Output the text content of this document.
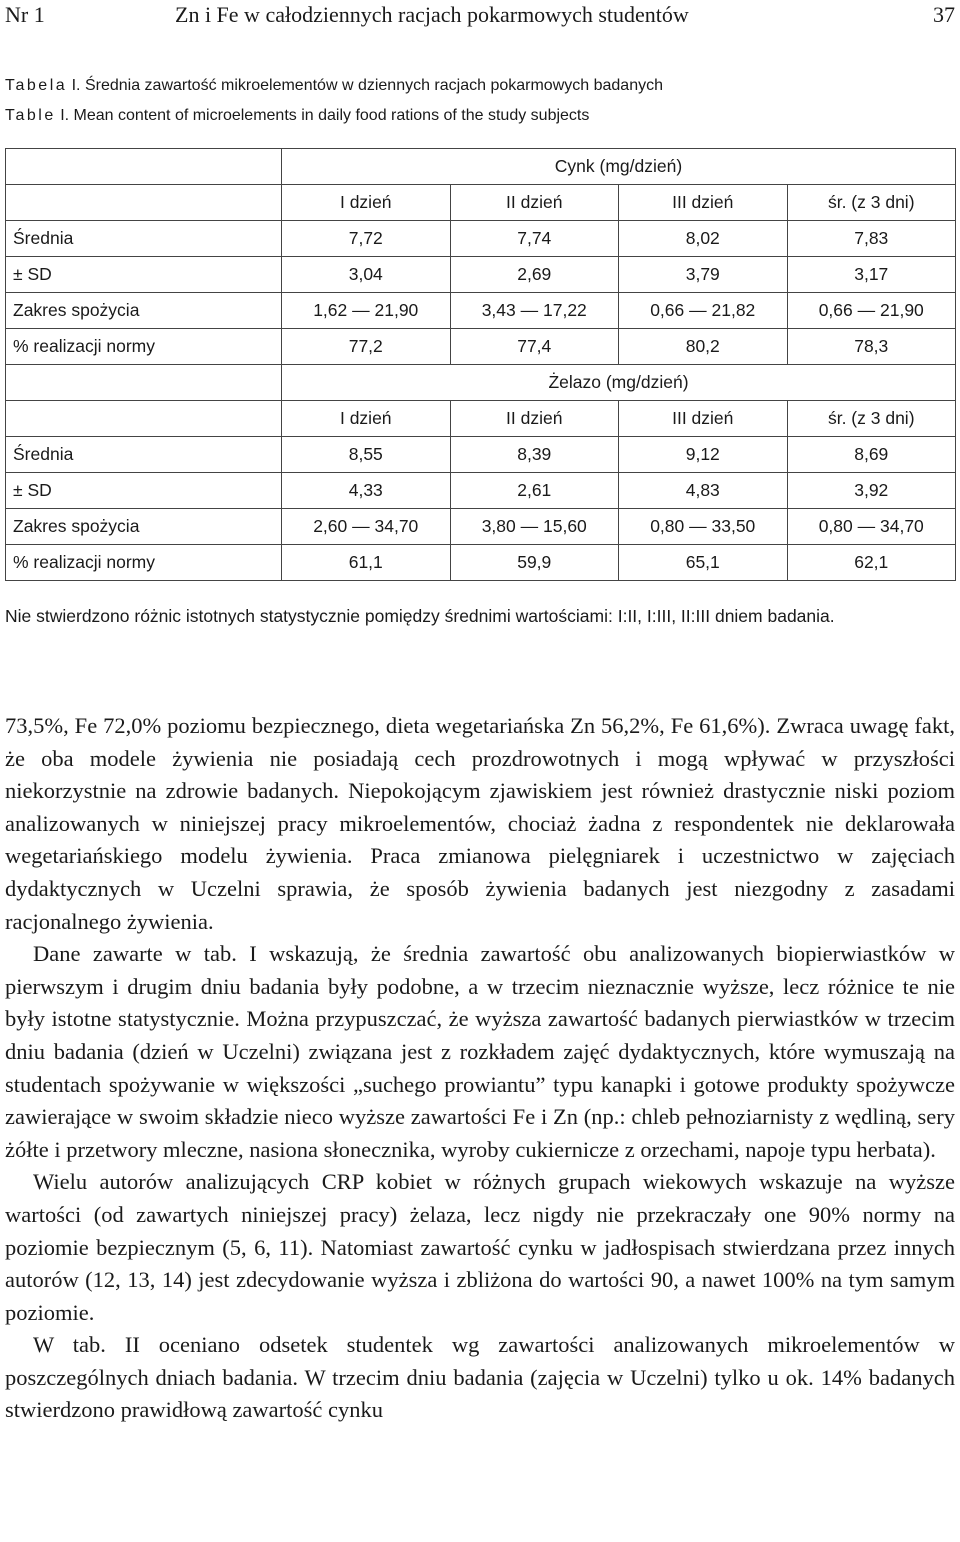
Nr 1	Zn i Fe w całodziennych racjach pokarmowych studentów	37
Tabela I. Średnia zawartość mikroelementów w dziennych racjach pokarmowych badanych
Table I. Mean content of microelements in daily food rations of the study subjects
	Cynk (mg/dzień)			
	I dzień	II dzień	III dzień	śr. (z 3 dni)
Średnia	7,72	7,74	8,02	7,83
± SD	3,04	2,69	3,79	3,17
Zakres spożycia	1,62 — 21,90	3,43 — 17,22	0,66 — 21,82	0,66 — 21,90
% realizacji normy	77,2	77,4	80,2	78,3
	Żelazo (mg/dzień)			
	I dzień	II dzień	III dzień	śr. (z 3 dni)
Średnia	8,55	8,39	9,12	8,69
± SD	4,33	2,61	4,83	3,92
Zakres spożycia	2,60 — 34,70	3,80 — 15,60	0,80 — 33,50	0,80 — 34,70
% realizacji normy	61,1	59,9	65,1	62,1
Nie stwierdzono różnic istotnych statystycznie pomiędzy średnimi wartościami: I:II, I:III, II:III dniem badania.

73,5%, Fe 72,0% poziomu bezpiecznego, dieta wegetariańska Zn 56,2%, Fe 61,6%). Zwraca uwagę fakt, że oba modele żywienia nie posiadają cech prozdrowotnych i mogą wpływać w przyszłości niekorzystnie na zdrowie badanych. Niepokojącym zjawiskiem jest również drastycznie niski poziom analizowanych w niniejszej pracy mikroelementów, chociaż żadna z respondentek nie deklarowała wegetariańskiego modelu żywienia. Praca zmianowa pielęgniarek i uczestnictwo w zajęciach dydaktycznych w Uczelni sprawia, że sposób żywienia badanych jest niezgodny z zasadami racjonalnego żywienia.

Dane zawarte w tab. I wskazują, że średnia zawartość obu analizowanych biopierwiastków w pierwszym i drugim dniu badania były podobne, a w trzecim nieznacznie wyższe, lecz różnice te nie były istotne statystycznie. Można przypuszczać, że wyższa zawartość badanych pierwiastków w trzecim dniu badania (dzień w Uczelni) związana jest z rozkładem zajęć dydaktycznych, które wymuszają na studentach spożywanie w większości „suchego prowiantu” typu kanapki i gotowe produkty spożywcze zawierające w swoim składzie nieco wyższe zawartości Fe i Zn (np.: chleb pełnoziarnisty z wędliną, sery żółte i przetwory mleczne, nasiona słonecznika, wyroby cukiernicze z orzechami, napoje typu herbata).

Wielu autorów analizujących CRP kobiet w różnych grupach wiekowych wskazuje na wyższe wartości (od zawartych niniejszej pracy) żelaza, lecz nigdy nie przekraczały one 90% normy na poziomie bezpiecznym (5, 6, 11). Natomiast zawartość cynku w jadłospisach stwierdzana przez innych autorów (12, 13, 14) jest zdecydowanie wyższa i zbliżona do wartości 90, a nawet 100% na tym samym poziomie.

W tab. II oceniano odsetek studentek wg zawartości analizowanych mikroelementów w poszczególnych dniach badania. W trzecim dniu badania (zajęcia w Uczelni) tylko u ok. 14% badanych stwierdzono prawidłową zawartość cynku
